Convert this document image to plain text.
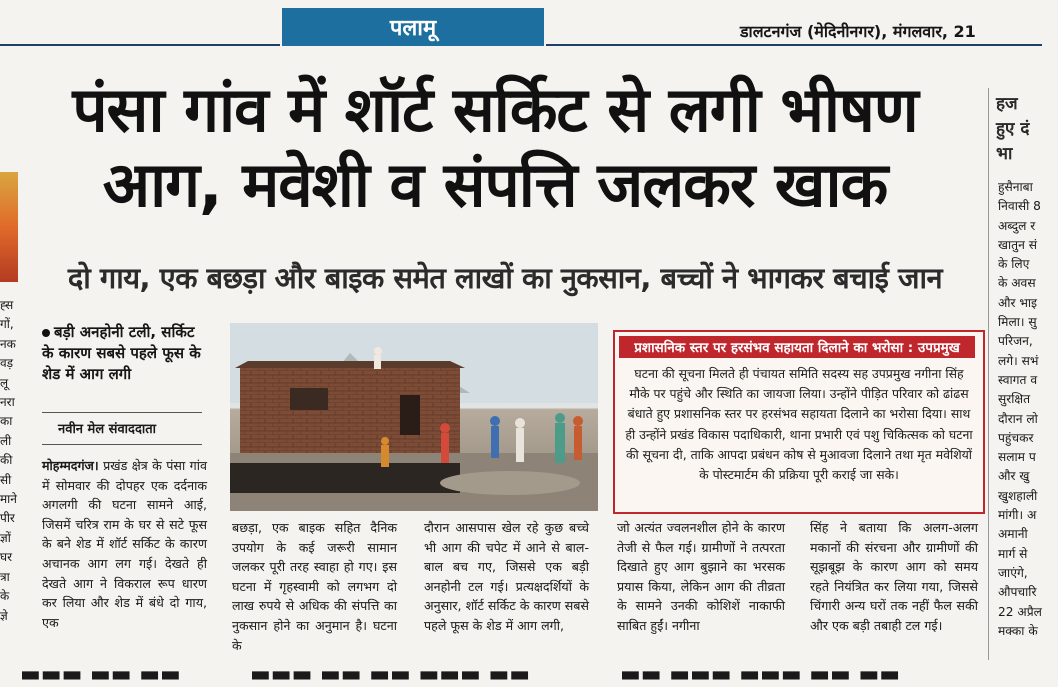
पलामू	डालटनगंज (मेदिनीनगर), मंगलवार, 21
ह्स
गों,
नक
वड़
लू
नरा
का
ली
की
सी
माने
पीर
ज्ञों
घर
त्रा
के
ज्ञे
पंसा गांव में शॉर्ट सर्किट से लगी भीषण आग, मवेशी व संपत्ति जलकर खाक
दो गाय, एक बछड़ा और बाइक समेत लाखों का नुकसान, बच्चों ने भागकर बचाई जान
बड़ी अनहोनी टली, सर्किट के कारण सबसे पहले फूस के शेड में आग लगी
नवीन मेल संवाददाता
मोहम्मदगंज। प्रखंड क्षेत्र के पंसा गांव में सोमवार की दोपहर एक दर्दनाक अगलगी की घटना सामने आई, जिसमें चरित्र राम के घर से सटे फूस के बने शेड में शॉर्ट सर्किट के कारण अचानक आग लग गई। देखते ही देखते आग ने विकराल रूप धारण कर लिया और शेड में बंधे दो गाय, एक
बछड़ा, एक बाइक सहित दैनिक उपयोग के कई जरूरी सामान जलकर पूरी तरह स्वाहा हो गए। इस घटना में गृहस्वामी को लगभग दो लाख रुपये से अधिक की संपत्ति का नुकसान होने का अनुमान है। घटना के
दौरान आसपास खेल रहे कुछ बच्चे भी आग की चपेट में आने से बाल-बाल बच गए, जिससे एक बड़ी अनहोनी टल गई। प्रत्यक्षदर्शियों के अनुसार, शॉर्ट सर्किट के कारण सबसे पहले फूस के शेड में आग लगी,
प्रशासनिक स्तर पर हरसंभव सहायता दिलाने का भरोसा : उपप्रमुख
घटना की सूचना मिलते ही पंचायत समिति सदस्य सह उपप्रमुख नगीना सिंह मौके पर पहुंचे और स्थिति का जायजा लिया। उन्होंने पीड़ित परिवार को ढांढस बंधाते हुए प्रशासनिक स्तर पर हरसंभव सहायता दिलाने का भरोसा दिया। साथ ही उन्होंने प्रखंड विकास पदाधिकारी, थाना प्रभारी एवं पशु चिकित्सक को घटना की सूचना दी, ताकि आपदा प्रबंधन कोष से मुआवजा दिलाने तथा मृत मवेशियों के पोस्टमार्टम की प्रक्रिया पूरी कराई जा सके।
जो अत्यंत ज्वलनशील होने के कारण तेजी से फैल गई। ग्रामीणों ने तत्परता दिखाते हुए आग बुझाने का भरसक प्रयास किया, लेकिन आग की तीव्रता के सामने उनकी कोशिशें नाकाफी साबित हुईं। नगीना
सिंह ने बताया कि अलग-अलग मकानों की संरचना और ग्रामीणों की सूझबूझ के कारण आग को समय रहते नियंत्रित कर लिया गया, जिससे चिंगारी अन्य घरों तक नहीं फैल सकी और एक बड़ी तबाही टल गई।
हज
हुए दं
भा
हुसैनाबा
निवासी 8
अब्दुल र
खातुन सं
के लिए
के अवस
और भाइ
मिला। सु
परिजन,
लगे। सभं
स्वागत व
सुरक्षित
दौरान लो
पहुंचकर
सलाम प
और खु
खुशहाली
मांगी। अ
अमानी
मार्ग से
जाएंगे,
औपचारि
22 अप्रैल
मक्का के
▬▬▬ ▬▬ ▬▬	▬▬▬ ▬▬ ▬▬ ▬▬▬ ▬▬	▬▬ ▬▬▬ ▬▬▬ ▬▬ ▬▬
